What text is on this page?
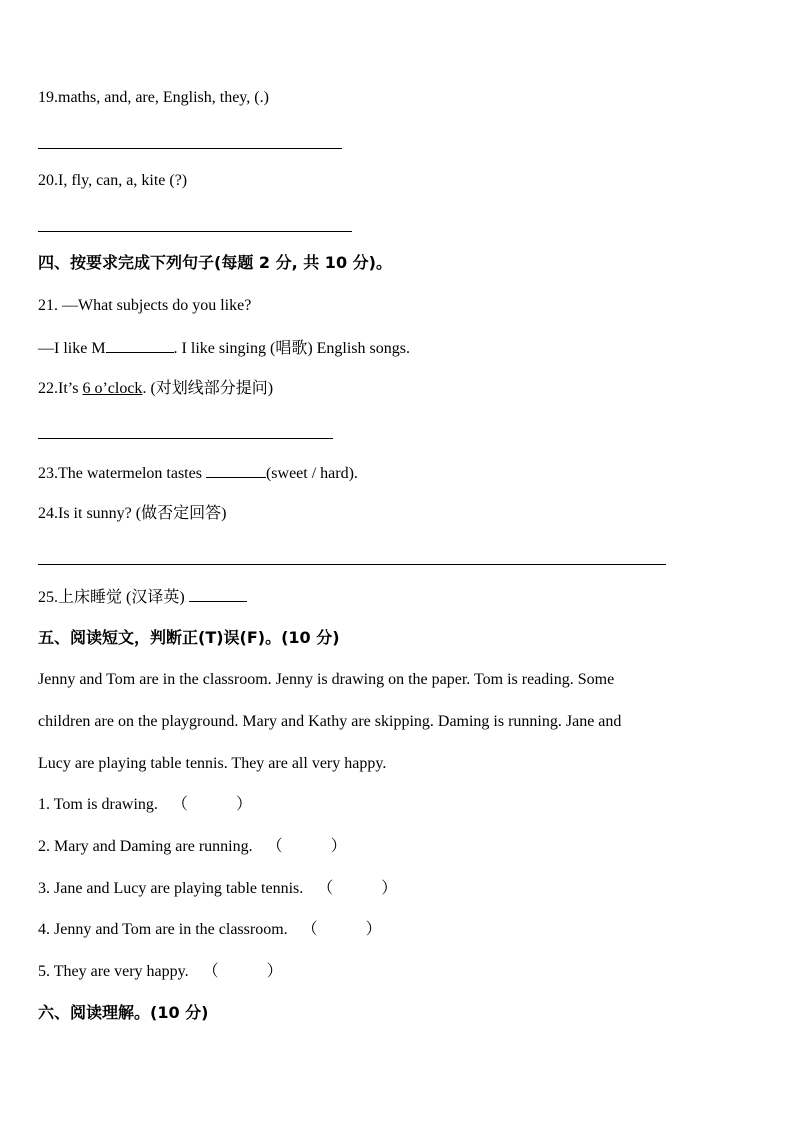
19.maths, and, are, English, they, (.)
20.I, fly, can, a, kite (?)
四、按要求完成下列句子(每题 2 分, 共 10 分)。
21. —What subjects do you like?
—I like M	. I like singing (唱歌) English songs.
22.It’s 6 o’clock. (对划线部分提问)
23.The watermelon tastes	(sweet / hard).
24.Is it sunny? (做否定回答)
25.上床睡觉 (汉译英)
五、阅读短文，判断正(T)误(F)。(10 分)
Jenny and Tom are in the classroom. Jenny is drawing on the paper. Tom is reading. Some
children are on the playground. Mary and Kathy are skipping. Daming is running. Jane and
Lucy are playing table tennis. They are all very happy.
1. Tom is drawing. （	）
2. Mary and Daming are running. （	）
3. Jane and Lucy are playing table tennis. （	）
4. Jenny and Tom are in the classroom. （	）
5. They are very happy. （	）
六、阅读理解。(10 分)
